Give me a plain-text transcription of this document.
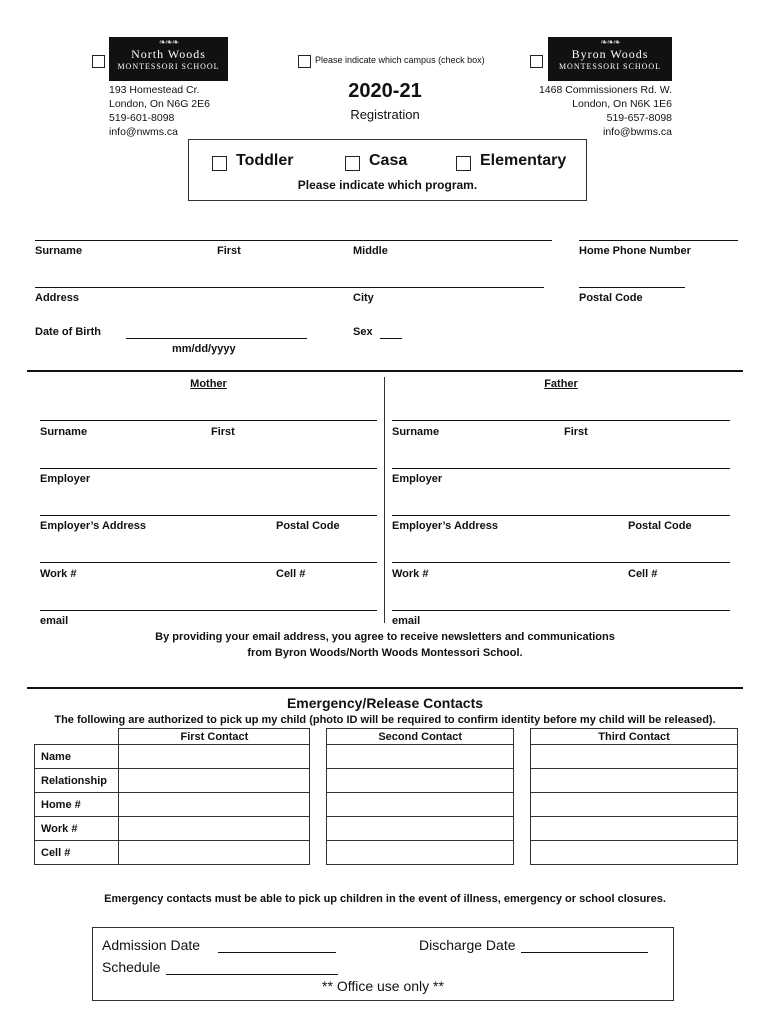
❧❧❧
North Woods
MONTESSORI SCHOOL
193 Homestead Cr.
London, On N6G 2E6
519-601-8098
info@nwms.ca
Please indicate which campus (check box)
2020-21
Registration
❧❧❧
Byron Woods
MONTESSORI SCHOOL
1468 Commissioners Rd. W.
London, On N6K 1E6
519-657-8098
info@bwms.ca
Toddler	Casa	Elementary
Please indicate which program.
Surname	First	Middle	Home Phone Number
Address	City	Postal Code
Date of Birth
mm/dd/yyyy
Sex
Mother	Father
Surname	First
Employer
Employer’s Address	Postal Code
Work #	Cell #
email
Surname	First
Employer
Employer’s Address	Postal Code
Work #	Cell #
email
By providing your email address, you agree to receive newsletters and communications
from Byron Woods/North Woods Montessori School.
Emergency/Release Contacts
The following are authorized to pick up my child (photo ID will be required to confirm identity before my child will be released).
	First Contact		Second Contact		Third Contact
Name					
Relationship					
Home #					
Work #					
Cell #					
Emergency contacts must be able to pick up children in the event of illness, emergency or school closures.
Admission Date	Discharge Date
Schedule
** Office use only **
